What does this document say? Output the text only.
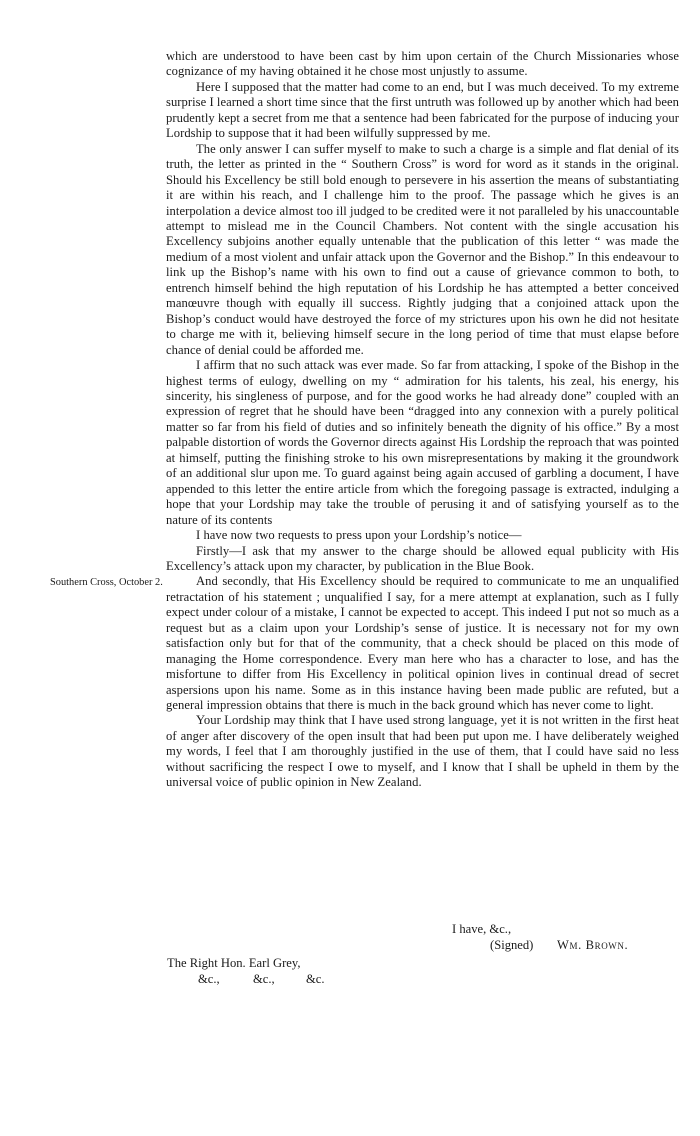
which are understood to have been cast by him upon certain of the Church Missionaries whose cognizance of my having obtained it he chose most unjustly to assume.

Here I supposed that the matter had come to an end, but I was much deceived. To my extreme surprise I learned a short time since that the first untruth was followed up by another which had been prudently kept a secret from me that a sentence had been fabricated for the purpose of inducing your Lordship to suppose that it had been wilfully suppressed by me.

The only answer I can suffer myself to make to such a charge is a simple and flat denial of its truth, the letter as printed in the “ Southern Cross” is word for word as it stands in the original. Should his Excellency be still bold enough to persevere in his assertion the means of substantiating it are within his reach, and I challenge him to the proof. The passage which he gives is an interpolation a device almost too ill judged to be credited were it not paralleled by his unaccountable attempt to mislead me in the Council Chambers. Not content with the single accusation his Excellency subjoins another equally untenable that the publication of this letter “ was made the medium of a most violent and unfair attack upon the Governor and the Bishop.” In this endeavour to link up the Bishop’s name with his own to find out a cause of grievance common to both, to entrench himself behind the high reputation of his Lordship he has attempted a better conceived manœuvre though with equally ill success. Rightly judging that a conjoined attack upon the Bishop’s conduct would have destroyed the force of my strictures upon his own he did not hesitate to charge me with it, believing himself secure in the long period of time that must elapse before chance of denial could be afforded me.

I affirm that no such attack was ever made. So far from attacking, I spoke of the Bishop in the highest terms of eulogy, dwelling on my “ admiration for his talents, his zeal, his energy, his sincerity, his singleness of purpose, and for the good works he had already done” coupled with an expression of regret that he should have been “dragged into any connexion with a purely political matter so far from his field of duties and so infinitely beneath the dignity of his office.” By a most palpable distortion of words the Governor directs against His Lordship the reproach that was pointed at himself, putting the finishing stroke to his own misrepresentations by making it the groundwork of an additional slur upon me. To guard against being again accused of garbling a document, I have appended to this letter the entire article from which the foregoing passage is extracted, indulging a hope that your Lordship may take the trouble of perusing it and of satisfying yourself as to the nature of its contents

I have now two requests to press upon your Lordship’s notice—

Firstly—I ask that my answer to the charge should be allowed equal publicity with His Excellency’s attack upon my character, by publication in the Blue Book.

And secondly, that His Excellency should be required to communicate to me an unqualified retractation of his statement ; unqualified I say, for a mere attempt at explanation, such as I fully expect under colour of a mistake, I cannot be expected to accept. This indeed I put not so much as a request but as a claim upon your Lordship’s sense of justice. It is necessary not for my own satisfaction only but for that of the community, that a check should be placed on this mode of managing the Home correspondence. Every man here who has a character to lose, and has the misfortune to differ from His Excellency in political opinion lives in continual dread of secret aspersions upon his name. Some as in this instance having been made public are refuted, but a general impression obtains that there is much in the back ground which has never come to light.

Your Lordship may think that I have used strong language, yet it is not written in the first heat of anger after discovery of the open insult that had been put upon me. I have deliberately weighed my words, I feel that I am thoroughly justified in the use of them, that I could have said no less without sacrificing the respect I owe to myself, and I know that I shall be upheld in them by the universal voice of public opinion in New Zealand.

Southern Cross, October 2.
I have, &c.,
(Signed) Wm. Brown.
The Right Hon. Earl Grey,
&c.,	&c., &c.
